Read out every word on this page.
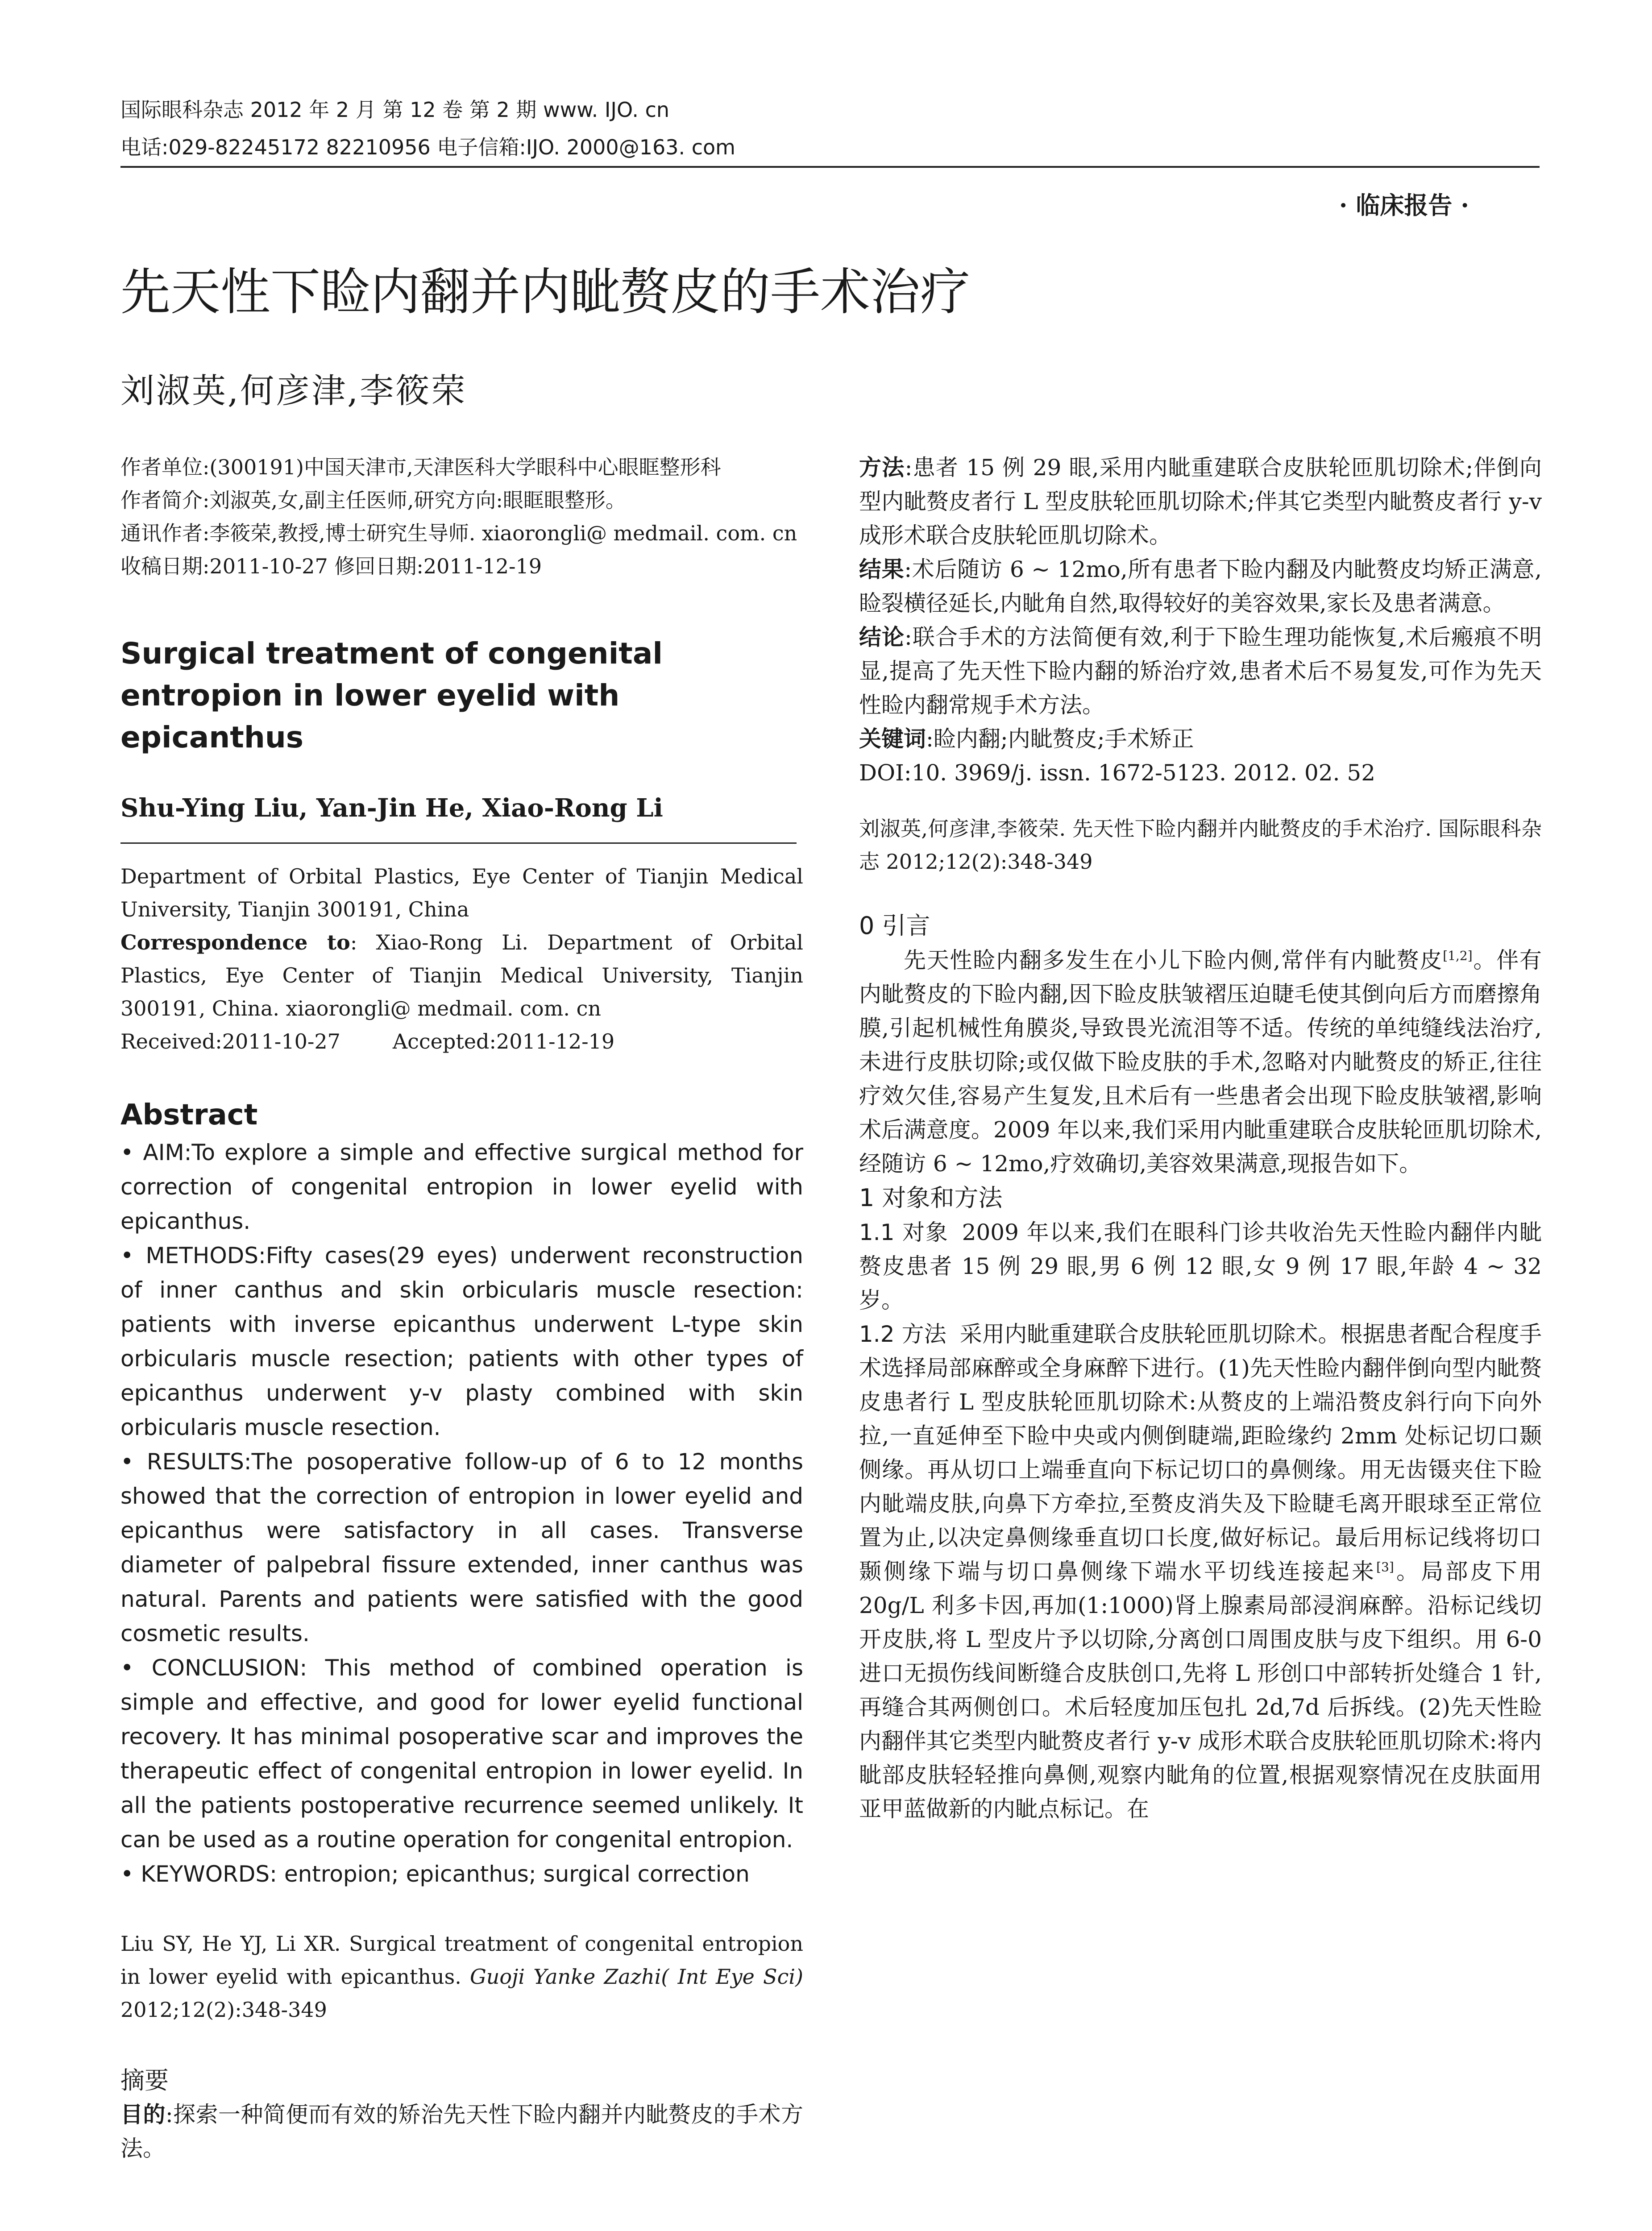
国际眼科杂志 2012 年 2 月 第 12 卷 第 2 期 www. IJO. cn
电话:029-82245172 82210956 电子信箱:IJO. 2000@163. com
· 临床报告 ·
先天性下睑内翻并内眦赘皮的手术治疗
刘淑英,何彦津,李筱荣

作者单位:(300191)中国天津市,天津医科大学眼科中心眼眶整形科

作者简介:刘淑英,女,副主任医师,研究方向:眼眶眼整形。

通讯作者:李筱荣,教授,博士研究生导师. xiaorongli@ medmail. com. cn

收稿日期:2011-10-27 修回日期:2011-12-19

Surgical treatment of congenital entropion in lower eyelid with epicanthus
Shu-Ying Liu, Yan-Jin He, Xiao-Rong Li

Department of Orbital Plastics, Eye Center of Tianjin Medical University, Tianjin 300191, China

Correspondence to: Xiao-Rong Li. Department of Orbital Plastics, Eye Center of Tianjin Medical University, Tianjin 300191, China. xiaorongli@ medmail. com. cn

Received:2011-10-27        Accepted:2011-12-19

Abstract

• AIM:To explore a simple and effective surgical method for correction of congenital entropion in lower eyelid with epicanthus.

• METHODS:Fifty cases(29 eyes) underwent reconstruction of inner canthus and skin orbicularis muscle resection: patients with inverse epicanthus underwent L-type skin orbicularis muscle resection; patients with other types of epicanthus underwent y-v plasty combined with skin orbicularis muscle resection.

• RESULTS:The posoperative follow-up of 6 to 12 months showed that the correction of entropion in lower eyelid and epicanthus were satisfactory in all cases. Transverse diameter of palpebral fissure extended, inner canthus was natural. Parents and patients were satisfied with the good cosmetic results.

• CONCLUSION: This method of combined operation is simple and effective, and good for lower eyelid functional recovery. It has minimal posoperative scar and improves the therapeutic effect of congenital entropion in lower eyelid. In all the patients postoperative recurrence seemed unlikely. It can be used as a routine operation for congenital entropion.

• KEYWORDS: entropion; epicanthus; surgical correction

Liu SY, He YJ, Li XR. Surgical treatment of congenital entropion in lower eyelid with epicanthus. Guoji Yanke Zazhi( Int Eye Sci) 2012;12(2):348-349
摘要
目的:探索一种简便而有效的矫治先天性下睑内翻并内眦赘皮的手术方法。

方法:患者 15 例 29 眼,采用内眦重建联合皮肤轮匝肌切除术;伴倒向型内眦赘皮者行 L 型皮肤轮匝肌切除术;伴其它类型内眦赘皮者行 y-v 成形术联合皮肤轮匝肌切除术。

结果:术后随访 6 ~ 12mo,所有患者下睑内翻及内眦赘皮均矫正满意,睑裂横径延长,内眦角自然,取得较好的美容效果,家长及患者满意。

结论:联合手术的方法简便有效,利于下睑生理功能恢复,术后瘢痕不明显,提高了先天性下睑内翻的矫治疗效,患者术后不易复发,可作为先天性睑内翻常规手术方法。

关键词:睑内翻;内眦赘皮;手术矫正

DOI:10. 3969/j. issn. 1672-5123. 2012. 02. 52

刘淑英,何彦津,李筱荣. 先天性下睑内翻并内眦赘皮的手术治疗. 国际眼科杂志 2012;12(2):348-349
0 引言
先天性睑内翻多发生在小儿下睑内侧,常伴有内眦赘皮[1,2]。伴有内眦赘皮的下睑内翻,因下睑皮肤皱褶压迫睫毛使其倒向后方而磨擦角膜,引起机械性角膜炎,导致畏光流泪等不适。传统的单纯缝线法治疗,未进行皮肤切除;或仅做下睑皮肤的手术,忽略对内眦赘皮的矫正,往往疗效欠佳,容易产生复发,且术后有一些患者会出现下睑皮肤皱褶,影响术后满意度。2009 年以来,我们采用内眦重建联合皮肤轮匝肌切除术,经随访 6 ~ 12mo,疗效确切,美容效果满意,现报告如下。
1 对象和方法
1.1 对象 2009 年以来,我们在眼科门诊共收治先天性睑内翻伴内眦赘皮患者 15 例 29 眼,男 6 例 12 眼,女 9 例 17 眼,年龄 4 ~ 32 岁。
1.2 方法 采用内眦重建联合皮肤轮匝肌切除术。根据患者配合程度手术选择局部麻醉或全身麻醉下进行。(1)先天性睑内翻伴倒向型内眦赘皮患者行 L 型皮肤轮匝肌切除术:从赘皮的上端沿赘皮斜行向下向外拉,一直延伸至下睑中央或内侧倒睫端,距睑缘约 2mm 处标记切口颞侧缘。再从切口上端垂直向下标记切口的鼻侧缘。用无齿镊夹住下睑内眦端皮肤,向鼻下方牵拉,至赘皮消失及下睑睫毛离开眼球至正常位置为止,以决定鼻侧缘垂直切口长度,做好标记。最后用标记线将切口颞侧缘下端与切口鼻侧缘下端水平切线连接起来[3]。局部皮下用 20g/L 利多卡因,再加(1:1000)肾上腺素局部浸润麻醉。沿标记线切开皮肤,将 L 型皮片予以切除,分离创口周围皮肤与皮下组织。用 6-0 进口无损伤线间断缝合皮肤创口,先将 L 形创口中部转折处缝合 1 针,再缝合其两侧创口。术后轻度加压包扎 2d,7d 后拆线。(2)先天性睑内翻伴其它类型内眦赘皮者行 y-v 成形术联合皮肤轮匝肌切除术:将内眦部皮肤轻轻推向鼻侧,观察内眦角的位置,根据观察情况在皮肤面用亚甲蓝做新的内眦点标记。在
